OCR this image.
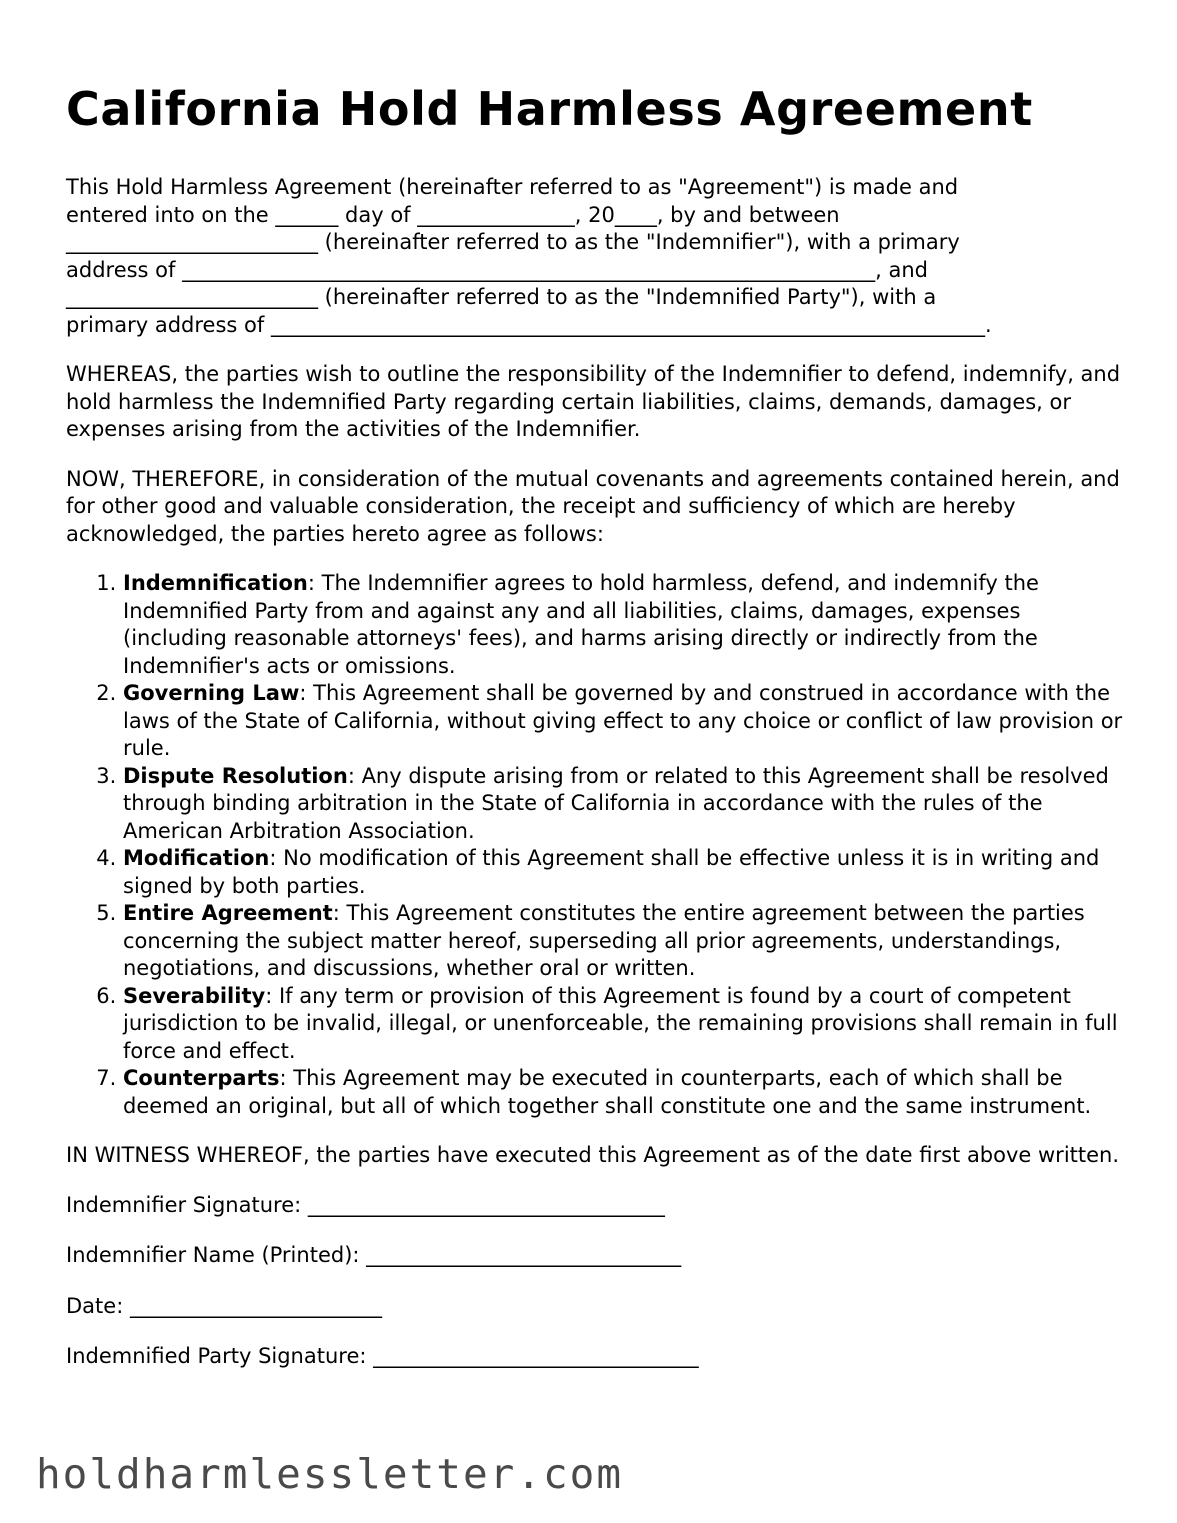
California Hold Harmless Agreement

This Hold Harmless Agreement (hereinafter referred to as "Agreement") is made and
entered into on the ______ day of _______________, 20____, by and between
________________________ (hereinafter referred to as the "Indemnifier"), with a primary
address of __________________________________________________________________, and
________________________ (hereinafter referred to as the "Indemnified Party"), with a
primary address of ____________________________________________________________________.

WHEREAS, the parties wish to outline the responsibility of the Indemnifier to defend, indemnify, and hold harmless the Indemnified Party regarding certain liabilities, claims, demands, damages, or expenses arising from the activities of the Indemnifier.

NOW, THEREFORE, in consideration of the mutual covenants and agreements contained herein, and for other good and valuable consideration, the receipt and sufficiency of which are hereby acknowledged, the parties hereto agree as follows:

1. Indemnification: The Indemnifier agrees to hold harmless, defend, and indemnify the Indemnified Party from and against any and all liabilities, claims, damages, expenses (including reasonable attorneys' fees), and harms arising directly or indirectly from the Indemnifier's acts or omissions.
2. Governing Law: This Agreement shall be governed by and construed in accordance with the laws of the State of California, without giving effect to any choice or conflict of law provision or rule.
3. Dispute Resolution: Any dispute arising from or related to this Agreement shall be resolved through binding arbitration in the State of California in accordance with the rules of the American Arbitration Association.
4. Modification: No modification of this Agreement shall be effective unless it is in writing and signed by both parties.
5. Entire Agreement: This Agreement constitutes the entire agreement between the parties concerning the subject matter hereof, superseding all prior agreements, understandings, negotiations, and discussions, whether oral or written.
6. Severability: If any term or provision of this Agreement is found by a court of competent jurisdiction to be invalid, illegal, or unenforceable, the remaining provisions shall remain in full force and effect.
7. Counterparts: This Agreement may be executed in counterparts, each of which shall be deemed an original, but all of which together shall constitute one and the same instrument.

IN WITNESS WHEREOF, the parties have executed this Agreement as of the date first above written.

Indemnifier Signature: __________________________________

Indemnifier Name (Printed): ______________________________

Date: ________________________

Indemnified Party Signature: _______________________________

holdharmlessletter.com
